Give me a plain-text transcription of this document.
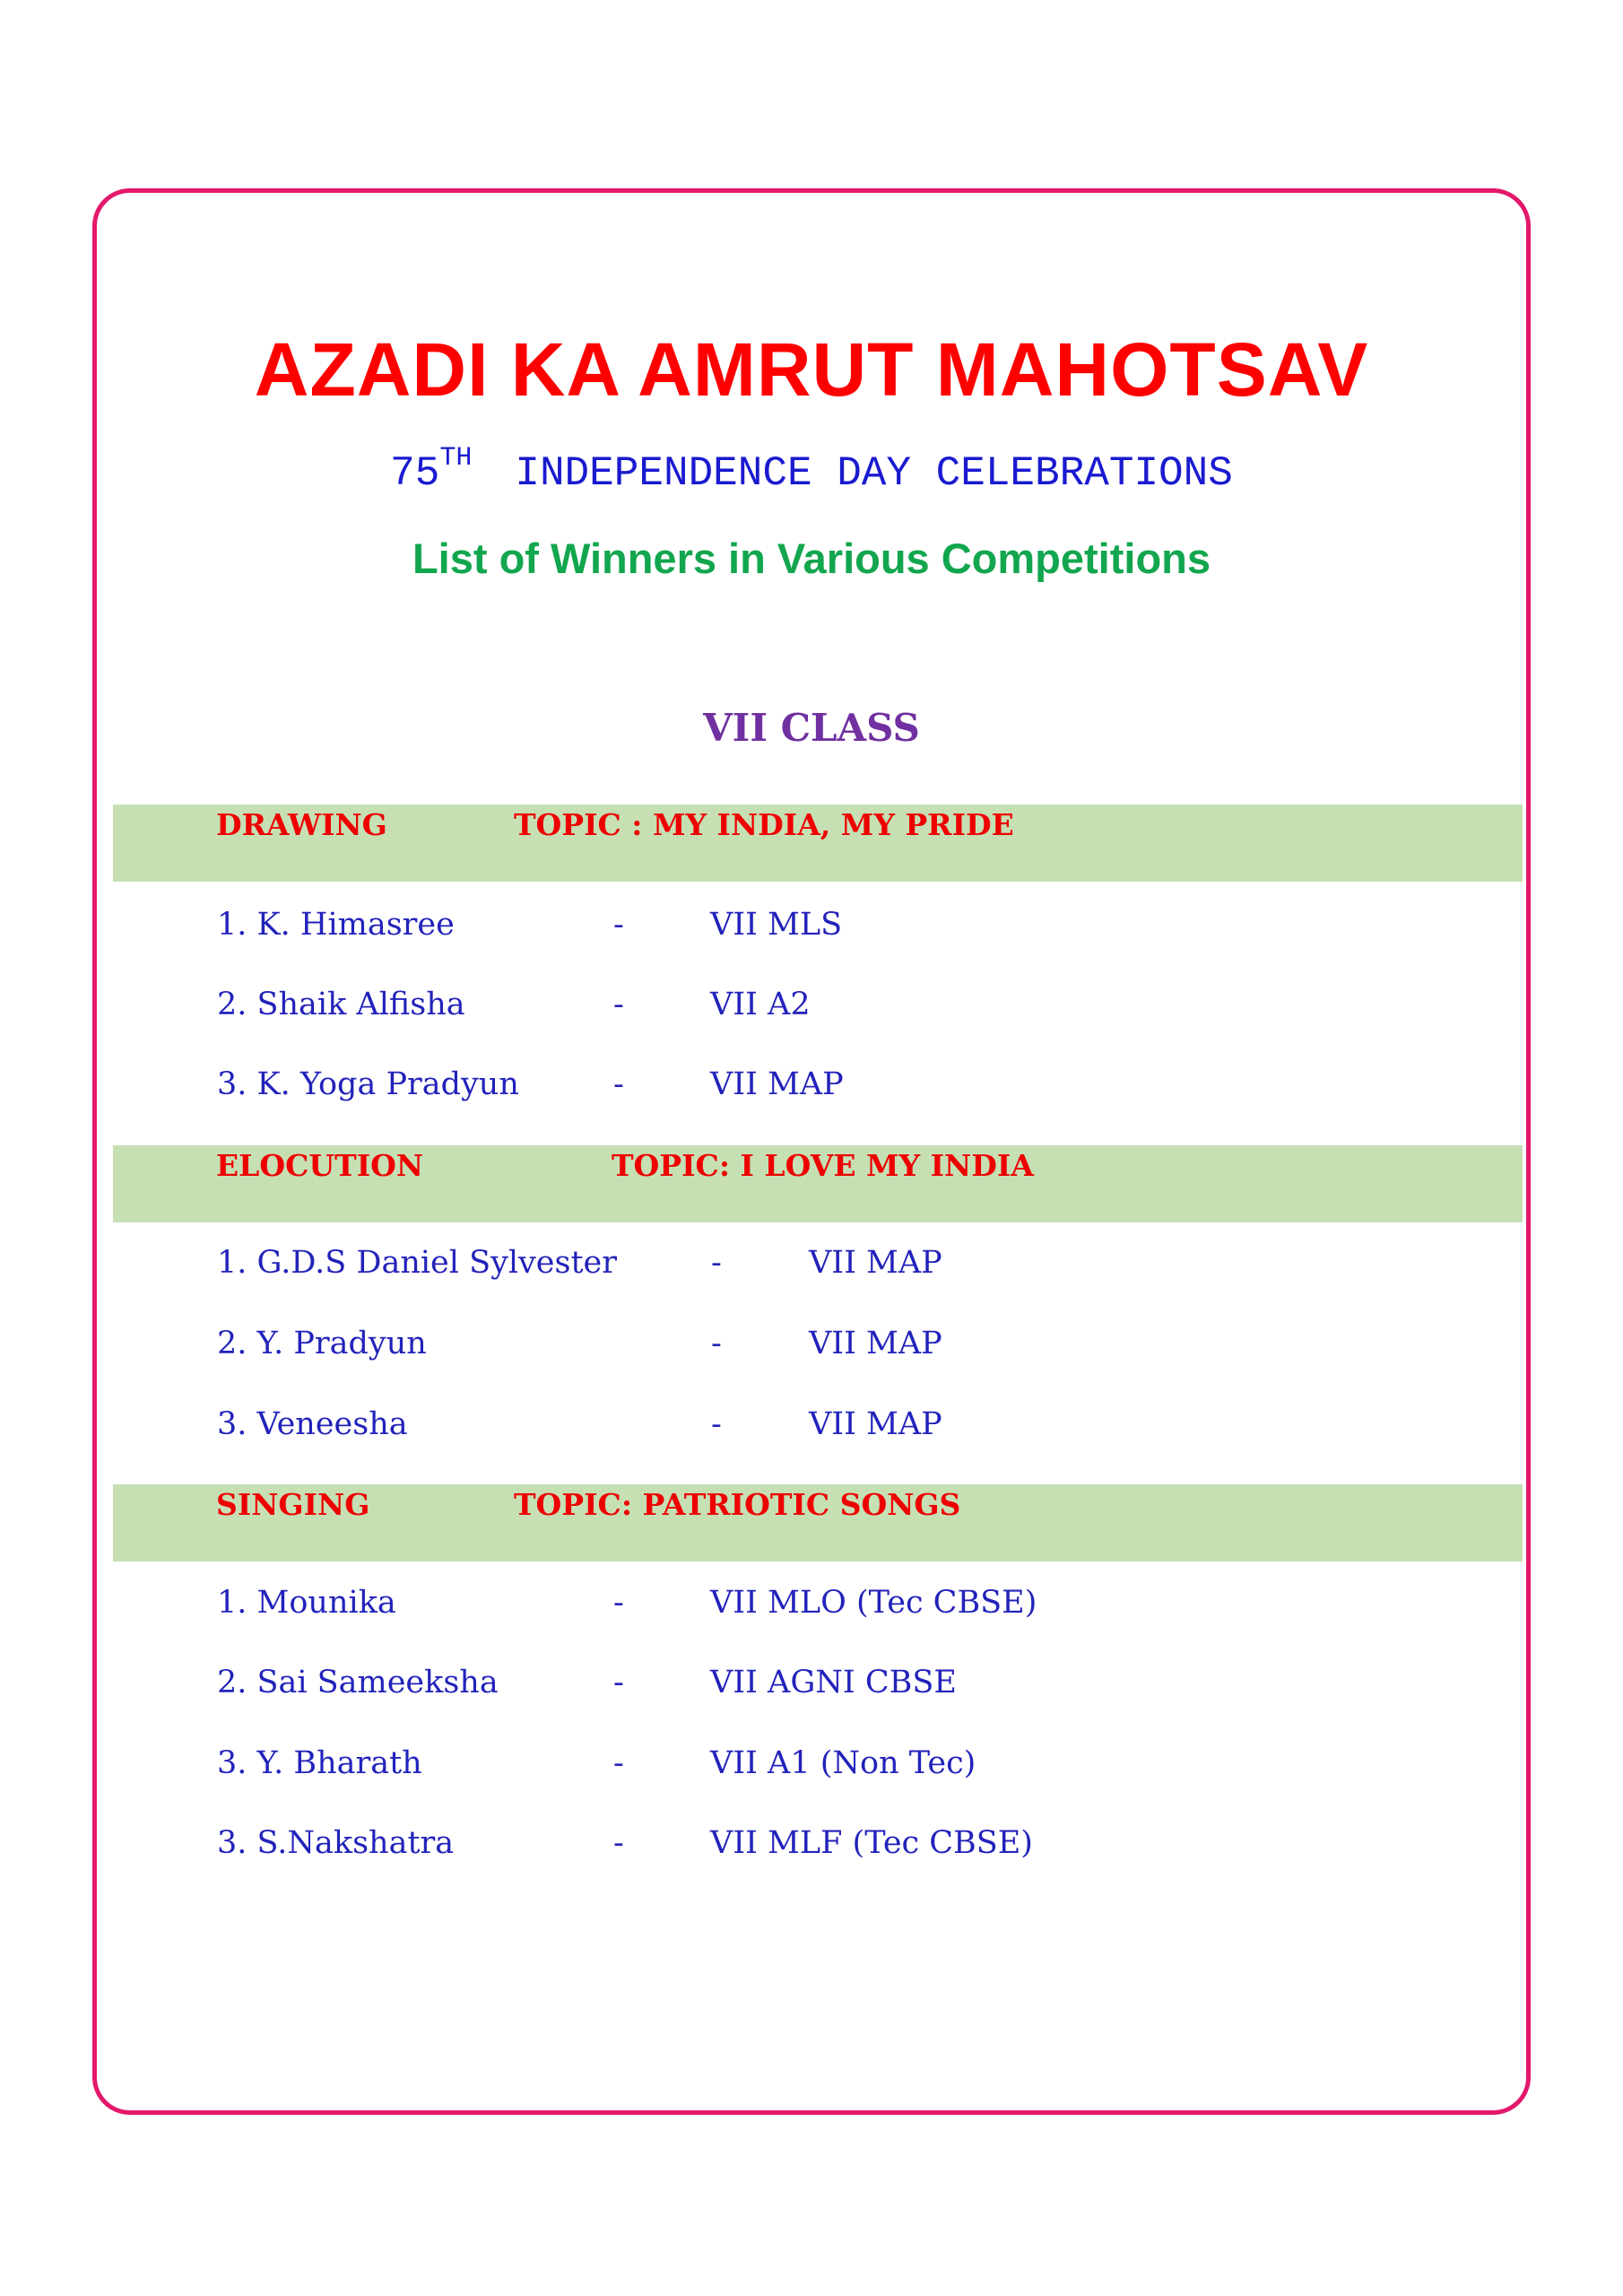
AZADI KA AMRUT MAHOTSAV
75TH INDEPENDENCE DAY CELEBRATIONS
List of Winners in Various Competitions
VII CLASS
DRAWING	TOPIC : MY INDIA, MY PRIDE
1. K. Himasree	-	VII MLS
2. Shaik Alfisha	-	VII A2
3. K. Yoga Pradyun	-	VII MAP
ELOCUTION	TOPIC: I LOVE MY INDIA
1. G.D.S Daniel Sylvester	-	VII MAP
2. Y. Pradyun	-	VII MAP
3. Veneesha	-	VII MAP
SINGING	TOPIC: PATRIOTIC SONGS
1. Mounika	-	VII MLO (Tec CBSE)
2. Sai Sameeksha	-	VII AGNI CBSE
3. Y. Bharath	-	VII A1 (Non Tec)
3. S.Nakshatra	-	VII MLF (Tec CBSE)
